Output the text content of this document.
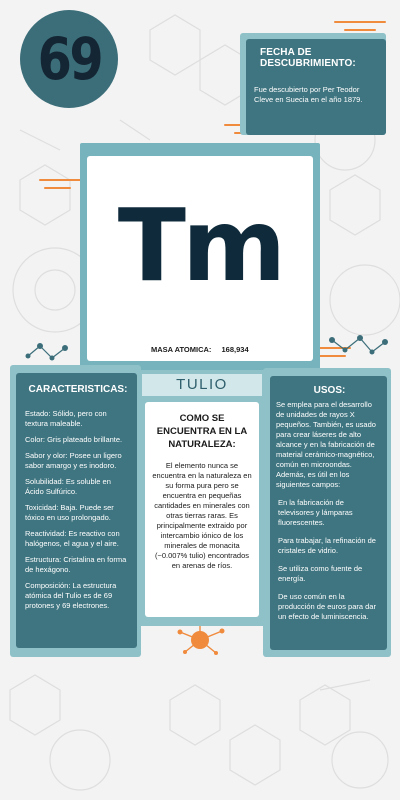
69	FECHA DE DESCUBRIMIENTO:
Fue descubierto por Per Teodor Cleve en Suecia en el año 1879.
Tm
MASA ATOMICA: 168,934
CARACTERISTICAS:
Estado: Sólido, pero con textura maleable.
Color: Gris plateado brillante.
Sabor y olor: Posee un ligero sabor amargo y es inodoro.
Solubilidad: Es soluble en Ácido Sulfúrico.
Toxicidad: Baja. Puede ser tóxico en uso prolongado.
Reactividad: Es reactivo con halógenos, el agua y el aire.
Estructura: Cristalina en forma de hexágono.
Composición: La estructura atómica del Tulio es de 69 protones y 69 electrones.
TULIO
COMO SE ENCUENTRA EN LA NATURALEZA:
El elemento nunca se encuentra en la naturaleza en su forma pura pero se encuentra en pequeñas cantidades en minerales con otras tierras raras. Es principalmente extraido por intercambio iónico de los minerales de monacita (~0.007% tulio) encontrados en arenas de ríos.
USOS:
Se emplea para el desarrollo de unidades de rayos X pequeños. También, es usado para crear láseres de alto alcance y en la fabricación de material cerámico-magnético, común en microondas. Además, es útil en los siguientes campos:
En la fabricación de televisores y lámparas fluorescentes.
Para trabajar, la refinación de cristales de vidrio.
Se utiliza como fuente de energía.
De uso común en la producción de euros para dar un efecto de luminiscencia.
